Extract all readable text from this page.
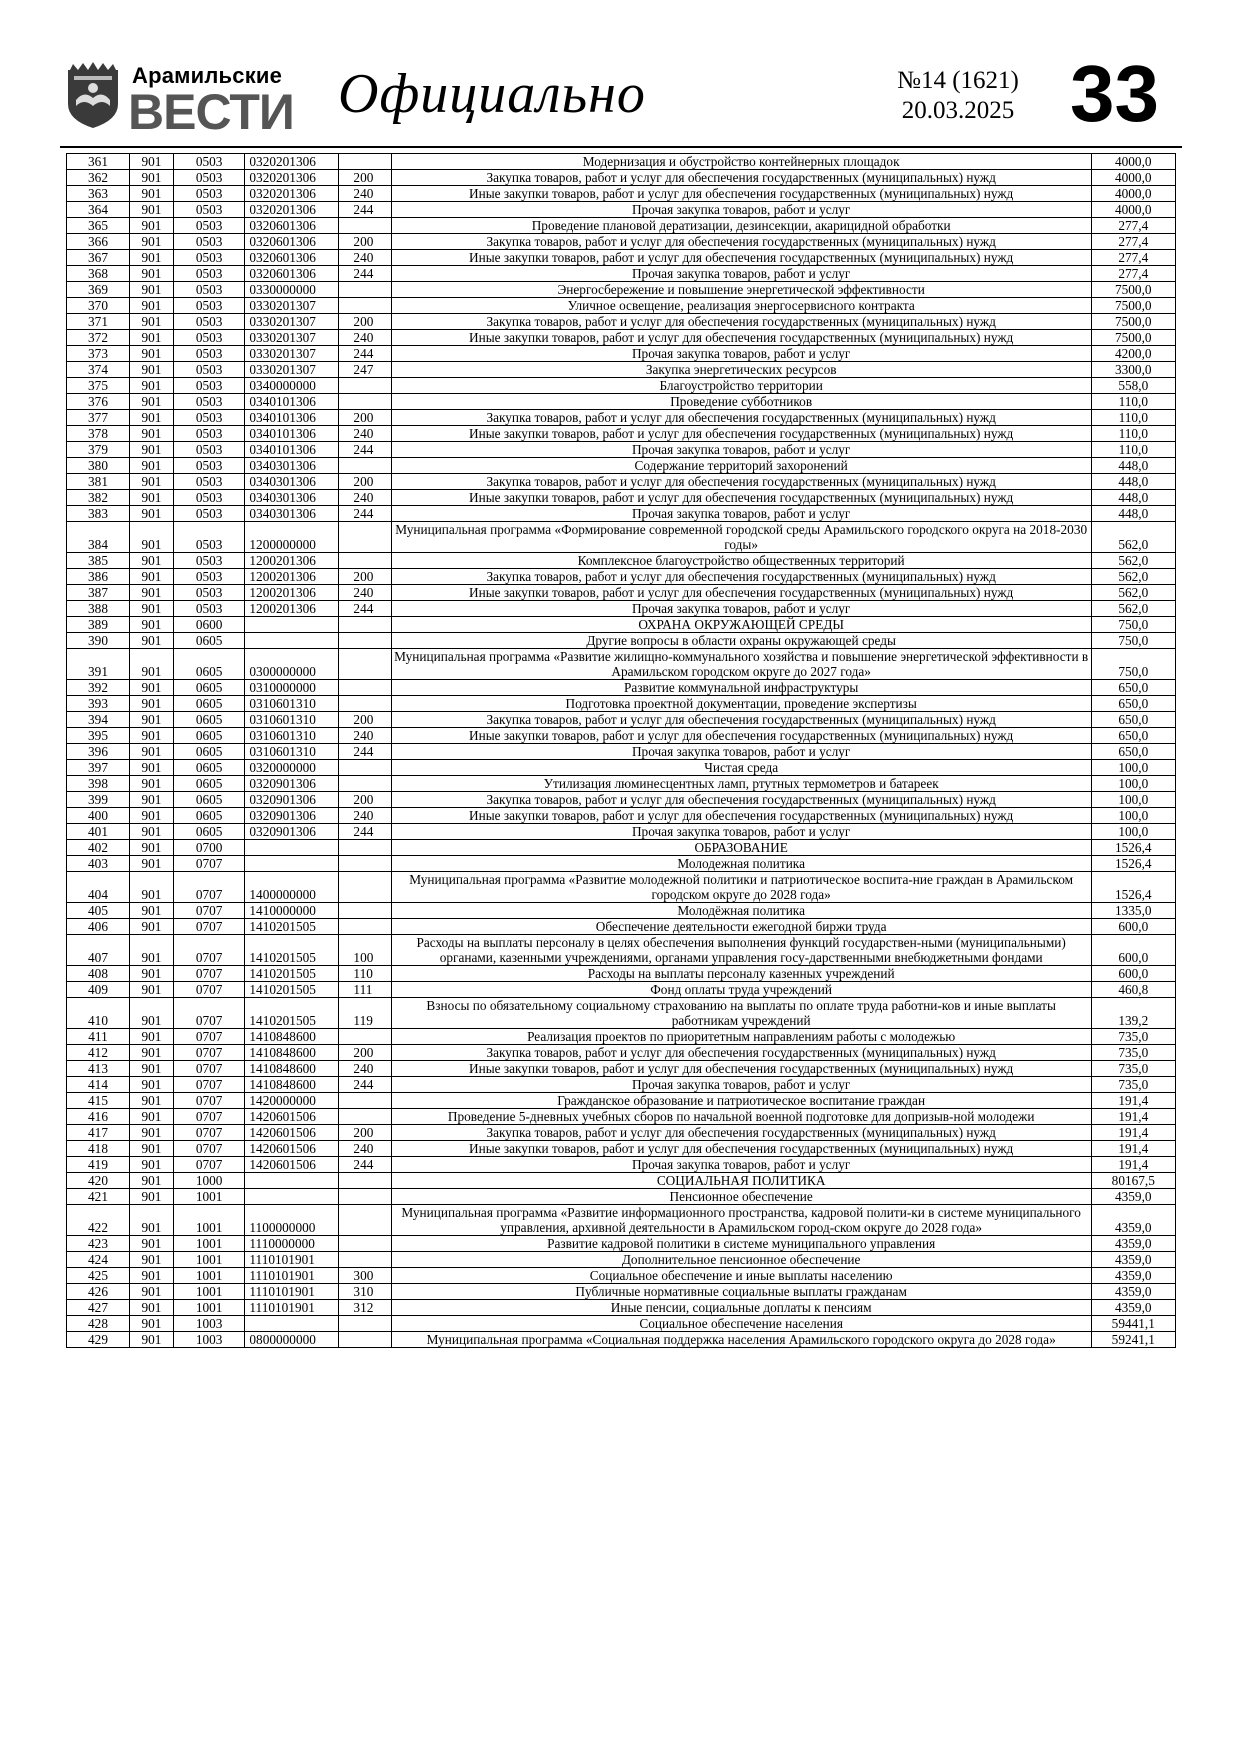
Арамильские
ВЕСТИ Официально	№14 (1621)
20.03.2025 33
361	901	0503	0320201306		Модернизация и обустройство контейнерных площадок	4000,0
362	901	0503	0320201306	200	Закупка товаров, работ и услуг для обеспечения государственных (муниципальных) нужд	4000,0
363	901	0503	0320201306	240	Иные закупки товаров, работ и услуг для обеспечения государственных (муниципальных) нужд	4000,0
364	901	0503	0320201306	244	Прочая закупка товаров, работ и услуг	4000,0
365	901	0503	0320601306		Проведение плановой дератизации, дезинсекции, акарицидной обработки	277,4
366	901	0503	0320601306	200	Закупка товаров, работ и услуг для обеспечения государственных (муниципальных) нужд	277,4
367	901	0503	0320601306	240	Иные закупки товаров, работ и услуг для обеспечения государственных (муниципальных) нужд	277,4
368	901	0503	0320601306	244	Прочая закупка товаров, работ и услуг	277,4
369	901	0503	0330000000		Энергосбережение и повышение энергетической эффективности	7500,0
370	901	0503	0330201307		Уличное освещение, реализация энергосервисного контракта	7500,0
371	901	0503	0330201307	200	Закупка товаров, работ и услуг для обеспечения государственных (муниципальных) нужд	7500,0
372	901	0503	0330201307	240	Иные закупки товаров, работ и услуг для обеспечения государственных (муниципальных) нужд	7500,0
373	901	0503	0330201307	244	Прочая закупка товаров, работ и услуг	4200,0
374	901	0503	0330201307	247	Закупка энергетических ресурсов	3300,0
375	901	0503	0340000000		Благоустройство территории	558,0
376	901	0503	0340101306		Проведение субботников	110,0
377	901	0503	0340101306	200	Закупка товаров, работ и услуг для обеспечения государственных (муниципальных) нужд	110,0
378	901	0503	0340101306	240	Иные закупки товаров, работ и услуг для обеспечения государственных (муниципальных) нужд	110,0
379	901	0503	0340101306	244	Прочая закупка товаров, работ и услуг	110,0
380	901	0503	0340301306		Содержание территорий захоронений	448,0
381	901	0503	0340301306	200	Закупка товаров, работ и услуг для обеспечения государственных (муниципальных) нужд	448,0
382	901	0503	0340301306	240	Иные закупки товаров, работ и услуг для обеспечения государственных (муниципальных) нужд	448,0
383	901	0503	0340301306	244	Прочая закупка товаров, работ и услуг	448,0
384	901	0503	1200000000		Муниципальная программа «Формирование современной городской среды Арамильского городского округа на 2018-2030 годы»	562,0
385	901	0503	1200201306		Комплексное благоустройство общественных территорий	562,0
386	901	0503	1200201306	200	Закупка товаров, работ и услуг для обеспечения государственных (муниципальных) нужд	562,0
387	901	0503	1200201306	240	Иные закупки товаров, работ и услуг для обеспечения государственных (муниципальных) нужд	562,0
388	901	0503	1200201306	244	Прочая закупка товаров, работ и услуг	562,0
389	901	0600			ОХРАНА ОКРУЖАЮЩЕЙ СРЕДЫ	750,0
390	901	0605			Другие вопросы в области охраны окружающей среды	750,0
391	901	0605	0300000000		Муниципальная программа «Развитие жилищно-коммунального хозяйства и повышение энергетической эффективности в Арамильском городском округе до 2027 года»	750,0
392	901	0605	0310000000		Развитие коммунальной инфраструктуры	650,0
393	901	0605	0310601310		Подготовка проектной документации, проведение экспертизы	650,0
394	901	0605	0310601310	200	Закупка товаров, работ и услуг для обеспечения государственных (муниципальных) нужд	650,0
395	901	0605	0310601310	240	Иные закупки товаров, работ и услуг для обеспечения государственных (муниципальных) нужд	650,0
396	901	0605	0310601310	244	Прочая закупка товаров, работ и услуг	650,0
397	901	0605	0320000000		Чистая среда	100,0
398	901	0605	0320901306		Утилизация люминесцентных ламп, ртутных термометров и батареек	100,0
399	901	0605	0320901306	200	Закупка товаров, работ и услуг для обеспечения государственных (муниципальных) нужд	100,0
400	901	0605	0320901306	240	Иные закупки товаров, работ и услуг для обеспечения государственных (муниципальных) нужд	100,0
401	901	0605	0320901306	244	Прочая закупка товаров, работ и услуг	100,0
402	901	0700			ОБРАЗОВАНИЕ	1526,4
403	901	0707			Молодежная политика	1526,4
404	901	0707	1400000000		Муниципальная программа «Развитие молодежной политики и патриотическое воспита-ние граждан в Арамильском городском округе до 2028 года»	1526,4
405	901	0707	1410000000		Молодёжная политика	1335,0
406	901	0707	1410201505		Обеспечение деятельности ежегодной биржи труда	600,0
407	901	0707	1410201505	100	Расходы на выплаты персоналу в целях обеспечения выполнения функций государствен-ными (муниципальными) органами, казенными учреждениями, органами управления госу-дарственными внебюджетными фондами	600,0
408	901	0707	1410201505	110	Расходы на выплаты персоналу казенных учреждений	600,0
409	901	0707	1410201505	111	Фонд оплаты труда учреждений	460,8
410	901	0707	1410201505	119	Взносы по обязательному социальному страхованию на выплаты по оплате труда работни-ков и иные выплаты работникам учреждений	139,2
411	901	0707	1410848600		Реализация проектов по приоритетным направлениям работы с молодежью	735,0
412	901	0707	1410848600	200	Закупка товаров, работ и услуг для обеспечения государственных (муниципальных) нужд	735,0
413	901	0707	1410848600	240	Иные закупки товаров, работ и услуг для обеспечения государственных (муниципальных) нужд	735,0
414	901	0707	1410848600	244	Прочая закупка товаров, работ и услуг	735,0
415	901	0707	1420000000		Гражданское образование и патриотическое воспитание граждан	191,4
416	901	0707	1420601506		Проведение 5-дневных учебных сборов по начальной военной подготовке для допризыв-ной молодежи	191,4
417	901	0707	1420601506	200	Закупка товаров, работ и услуг для обеспечения государственных (муниципальных) нужд	191,4
418	901	0707	1420601506	240	Иные закупки товаров, работ и услуг для обеспечения государственных (муниципальных) нужд	191,4
419	901	0707	1420601506	244	Прочая закупка товаров, работ и услуг	191,4
420	901	1000			СОЦИАЛЬНАЯ ПОЛИТИКА	80167,5
421	901	1001			Пенсионное обеспечение	4359,0
422	901	1001	1100000000		Муниципальная программа «Развитие информационного пространства, кадровой полити-ки в системе муниципального управления, архивной деятельности в Арамильском город-ском округе до 2028 года»	4359,0
423	901	1001	1110000000		Развитие кадровой политики в системе муниципального управления	4359,0
424	901	1001	1110101901		Дополнительное пенсионное обеспечение	4359,0
425	901	1001	1110101901	300	Социальное обеспечение и иные выплаты населению	4359,0
426	901	1001	1110101901	310	Публичные нормативные социальные выплаты гражданам	4359,0
427	901	1001	1110101901	312	Иные пенсии, социальные доплаты к пенсиям	4359,0
428	901	1003			Социальное обеспечение населения	59441,1
429	901	1003	0800000000		Муниципальная программа «Социальная поддержка населения Арамильского городского округа до 2028 года»	59241,1
